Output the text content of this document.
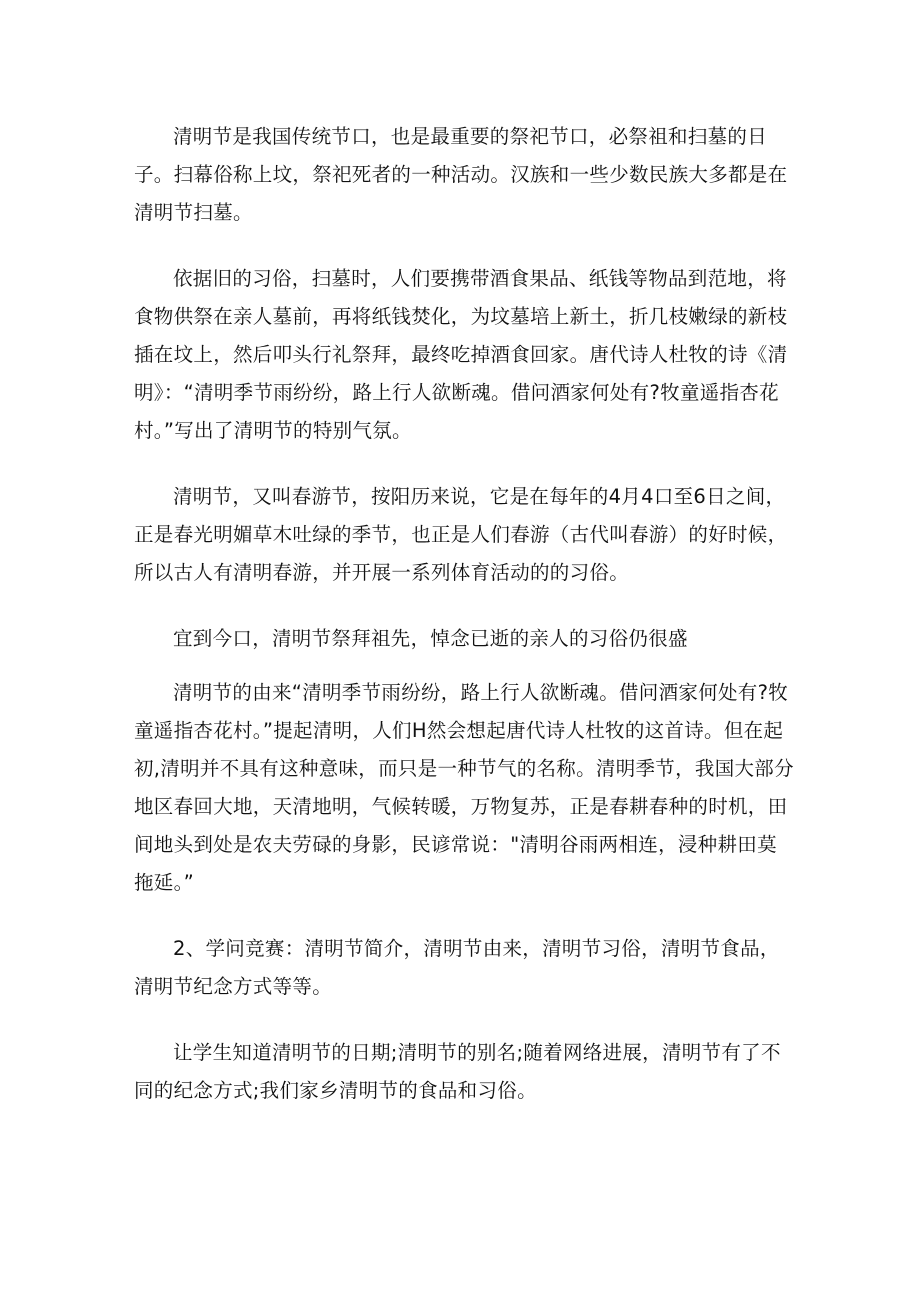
清明节是我国传统节口，也是最重要的祭祀节口，必祭祖和扫墓的日子。扫幕俗称上坟，祭祀死者的一种活动。汉族和一些少数民族大多都是在清明节扫墓。

依据旧的习俗，扫墓时，人们要携带酒食果品、纸钱等物品到范地，将食物供祭在亲人墓前，再将纸钱焚化，为坟墓培上新土，折几枝嫩绿的新枝插在坟上，然后叩头行礼祭拜，最终吃掉酒食回家。唐代诗人杜牧的诗《清明》：“清明季节雨纷纷，路上行人欲断魂。借问酒家何处有?牧童遥指杏花村。”写出了清明节的特别气氛。

清明节，又叫春游节，按阳历来说，它是在每年的4月4口至6日之间，正是春光明媚草木吐绿的季节，也正是人们春游（古代叫春游）的好时候，所以古人有清明春游，并开展一系列体育活动的的习俗。

宜到今口，清明节祭拜祖先，悼念已逝的亲人的习俗仍很盛

清明节的由来“清明季节雨纷纷，路上行人欲断魂。借问酒家何处有?牧童遥指杏花村。”提起清明，人们H然会想起唐代诗人杜牧的这首诗。但在起初,清明并不具有这种意味，而只是一种节气的名称。清明季节，我国大部分地区春回大地，天清地明，气候转暖，万物复苏，正是春耕春种的时机，田间地头到处是农夫劳碌的身影，民谚常说："清明谷雨两相连，浸种耕田莫拖延。”

2、学问竞赛：清明节简介，清明节由来，清明节习俗，清明节食品，清明节纪念方式等等。

让学生知道清明节的日期;清明节的别名;随着网络进展，清明节有了不同的纪念方式;我们家乡清明节的食品和习俗。
